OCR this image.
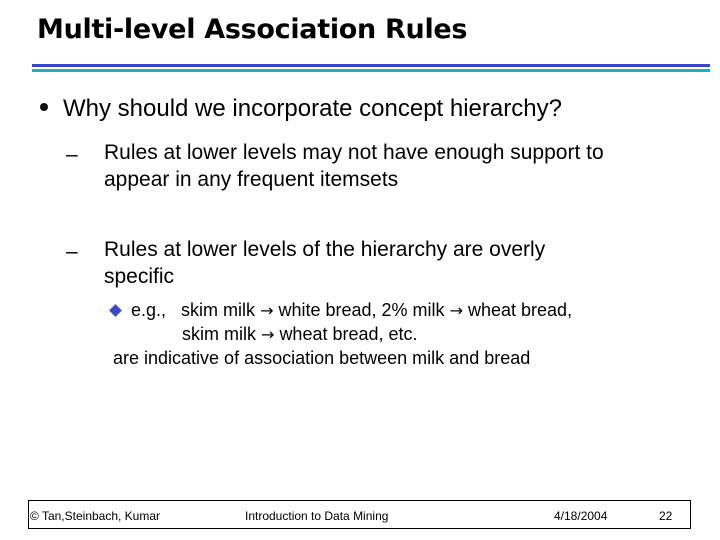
Multi-level Association Rules
Why should we incorporate concept hierarchy?
– Rules at lower levels may not have enough support to
appear in any frequent itemsets
– Rules at lower levels of the hierarchy are overly
specific
e.g., skim milk → white bread, 2% milk → wheat bread,
skim milk → wheat bread, etc.
are indicative of association between milk and bread
© Tan,Steinbach, Kumar	Introduction to Data Mining	4/18/2004	22
